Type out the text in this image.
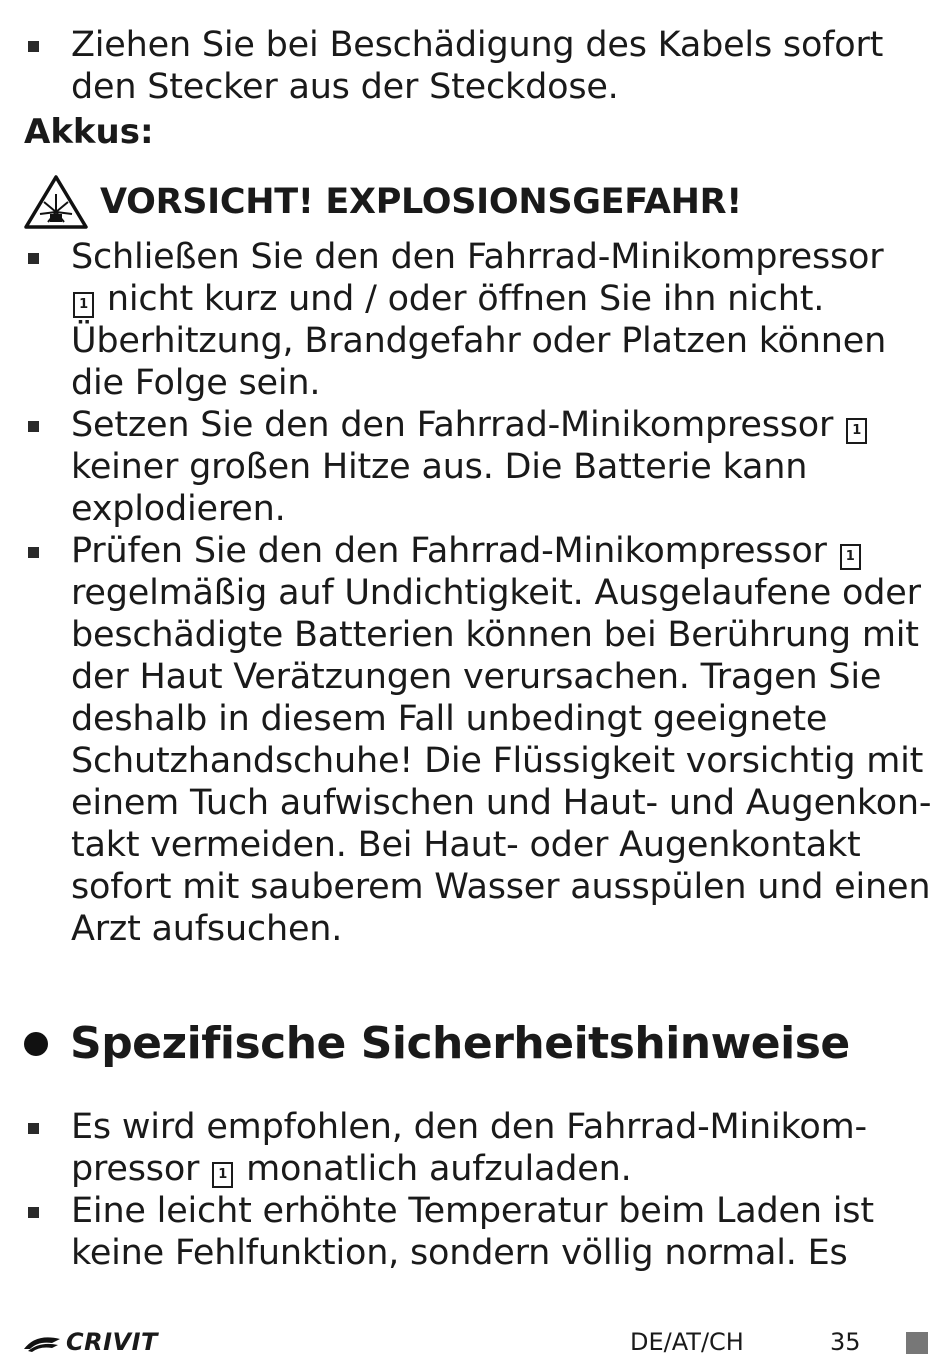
Ziehen Sie bei Beschädigung des Kabels sofort
den Stecker aus der Steckdose.
Akkus:
VORSICHT! EXPLOSIONSGEFAHR!
Schließen Sie den den Fahrrad-Minikompressor
1 nicht kurz und / oder öffnen Sie ihn nicht.
Überhitzung, Brandgefahr oder Platzen können
die Folge sein.
Setzen Sie den den Fahrrad-Minikompressor 1
keiner großen Hitze aus. Die Batterie kann
explodieren.
Prüfen Sie den den Fahrrad-Minikompressor 1
regelmäßig auf Undichtigkeit. Ausgelaufene oder
beschädigte Batterien können bei Berührung mit
der Haut Verätzungen verursachen. Tragen Sie
deshalb in diesem Fall unbedingt geeignete
Schutzhandschuhe! Die Flüssigkeit vorsichtig mit
einem Tuch aufwischen und Haut- und Augenkon-
takt vermeiden. Bei Haut- oder Augenkontakt
sofort mit sauberem Wasser ausspülen und einen
Arzt aufsuchen.
Spezifische Sicherheitshinweise
Es wird empfohlen, den den Fahrrad-Minikom-
pressor 1 monatlich aufzuladen.
Eine leicht erhöhte Temperatur beim Laden ist
keine Fehlfunktion, sondern völlig normal. Es
CRIVIT	DE/AT/CH	35
